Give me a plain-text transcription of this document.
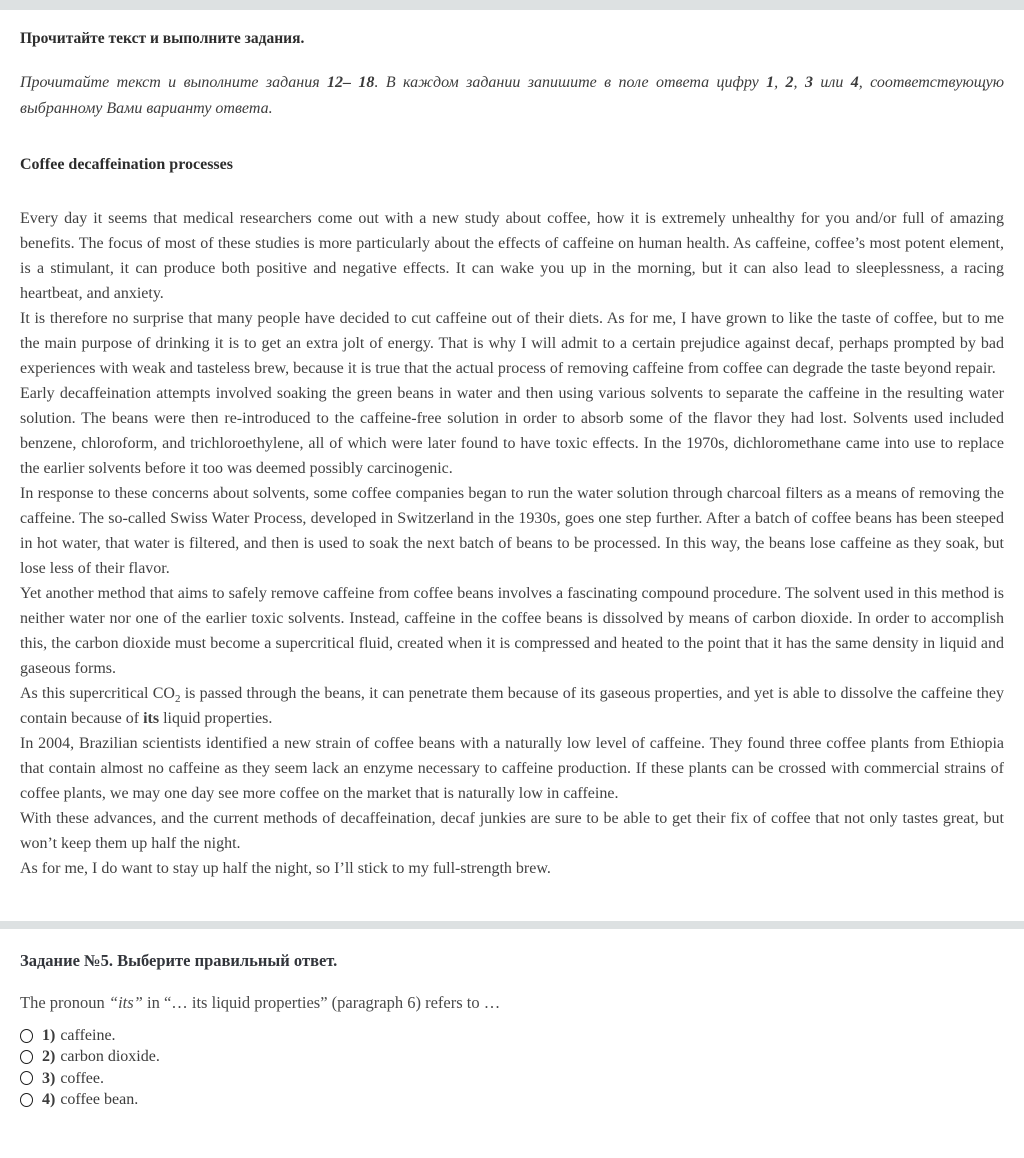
Прочитайте текст и выполните задания.

Прочитайте текст и выполните задания 12– 18. В каждом задании запишите в поле ответа цифру 1, 2, 3 или 4, соответствующую выбранному Вами варианту ответа.

Coffee decaffeination processes

Every day it seems that medical researchers come out with a new study about coffee, how it is extremely unhealthy for you and/or full of amazing benefits. The focus of most of these studies is more particularly about the effects of caffeine on human health. As caffeine, coffee’s most potent element, is a stimulant, it can produce both positive and negative effects. It can wake you up in the morning, but it can also lead to sleeplessness, a racing heartbeat, and anxiety.

It is therefore no surprise that many people have decided to cut caffeine out of their diets. As for me, I have grown to like the taste of coffee, but to me the main purpose of drinking it is to get an extra jolt of energy. That is why I will admit to a certain prejudice against decaf, perhaps prompted by bad experiences with weak and tasteless brew, because it is true that the actual process of removing caffeine from coffee can degrade the taste beyond repair.

Early decaffeination attempts involved soaking the green beans in water and then using various solvents to separate the caffeine in the resulting water solution. The beans were then re-introduced to the caffeine-free solution in order to absorb some of the flavor they had lost. Solvents used included benzene, chloroform, and trichloroethylene, all of which were later found to have toxic effects. In the 1970s, dichloromethane came into use to replace the earlier solvents before it too was deemed possibly carcinogenic.

In response to these concerns about solvents, some coffee companies began to run the water solution through charcoal filters as a means of removing the caffeine. The so-called Swiss Water Process, developed in Switzerland in the 1930s, goes one step further. After a batch of coffee beans has been steeped in hot water, that water is filtered, and then is used to soak the next batch of beans to be processed. In this way, the beans lose caffeine as they soak, but lose less of their flavor.

Yet another method that aims to safely remove caffeine from coffee beans involves a fascinating compound procedure. The solvent used in this method is neither water nor one of the earlier toxic solvents. Instead, caffeine in the coffee beans is dissolved by means of carbon dioxide. In order to accomplish this, the carbon dioxide must become a supercritical fluid, created when it is compressed and heated to the point that it has the same density in liquid and gaseous forms.

As this supercritical $CO_2$ is passed through the beans, it can penetrate them because of its gaseous properties, and yet is able to dissolve the caffeine they contain because of its liquid properties.

In 2004, Brazilian scientists identified a new strain of coffee beans with a naturally low level of caffeine. They found three coffee plants from Ethiopia that contain almost no caffeine as they seem lack an enzyme necessary to caffeine production. If these plants can be crossed with commercial strains of coffee plants, we may one day see more coffee on the market that is naturally low in caffeine.

With these advances, and the current methods of decaffeination, decaf junkies are sure to be able to get their fix of coffee that not only tastes great, but won’t keep them up half the night.

As for me, I do want to stay up half the night, so I’ll stick to my full-strength brew.

Задание №5. Выберите правильный ответ.

The pronoun “its” in “… its liquid properties” (paragraph 6) refers to …

1) caffeine.
2) carbon dioxide.
3) coffee.
4) coffee bean.
